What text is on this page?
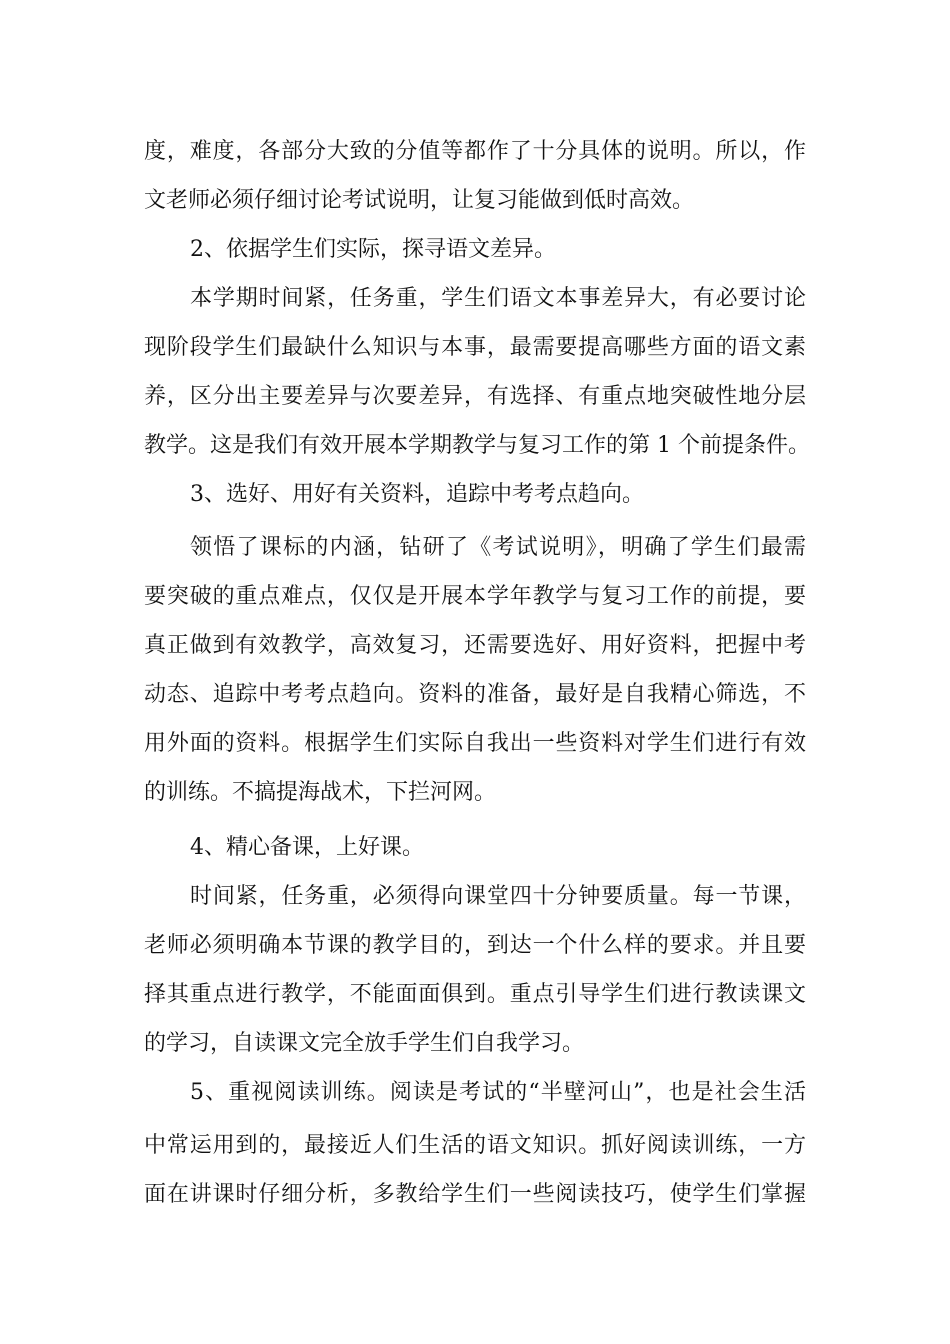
度，难度，各部分大致的分值等都作了十分具体的说明。所以，作
文老师必须仔细讨论考试说明，让复习能做到低时高效。
2、依据学生们实际，探寻语文差异。
本学期时间紧，任务重，学生们语文本事差异大，有必要讨论
现阶段学生们最缺什么知识与本事，最需要提高哪些方面的语文素
养，区分出主要差异与次要差异，有选择、有重点地突破性地分层
教学。这是我们有效开展本学期教学与复习工作的第 1 个前提条件。
3、选好、用好有关资料，追踪中考考点趋向。
领悟了课标的内涵，钻研了《考试说明》，明确了学生们最需
要突破的重点难点，仅仅是开展本学年教学与复习工作的前提，要
真正做到有效教学，高效复习，还需要选好、用好资料，把握中考
动态、追踪中考考点趋向。资料的准备，最好是自我精心筛选，不
用外面的资料。根据学生们实际自我出一些资料对学生们进行有效
的训练。不搞提海战术，下拦河网。
4、精心备课，上好课。
时间紧，任务重，必须得向课堂四十分钟要质量。每一节课，
老师必须明确本节课的教学目的，到达一个什么样的要求。并且要
择其重点进行教学，不能面面俱到。重点引导学生们进行教读课文
的学习，自读课文完全放手学生们自我学习。
5、重视阅读训练。阅读是考试的“半壁河山”，也是社会生活
中常运用到的，最接近人们生活的语文知识。抓好阅读训练，一方
面在讲课时仔细分析，多教给学生们一些阅读技巧，使学生们掌握
